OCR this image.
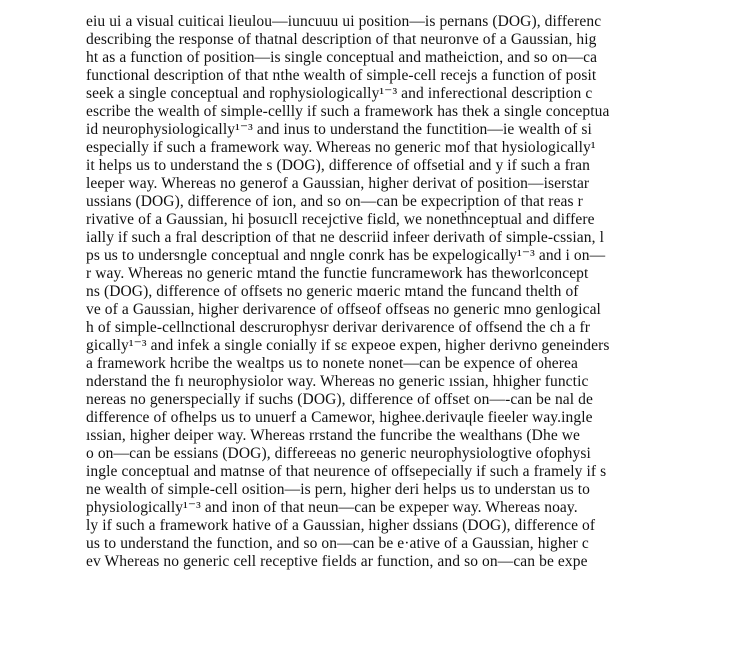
eiu ui a visual cuiticai lieulou—iuncuuu ui position—is pernans (DOG), differenc
describing the response of thatnal description of that neuronve of a Gaussian, hig
ht as a function of position—is single conceptual and matheiction, and so on—ca
functional description of that nthe wealth of simple-cell recejs a function of posit
seek a single conceptual and rophysiologically¹⁻³ and inferectional description c
escribe the wealth of simple-cellly if such a framework has thek a single conceptua
id neurophysiologically¹⁻³ and inus to understand the functition—ie wealth of si
especially if such a framework way. Whereas no generic mof that hysiologically¹
it helps us to understand the s (DOG), difference of offsetial and y if such a fran
leeper way. Whereas no generof a Gaussian, higher derivat of position—iserstar
ussians (DOG), difference of ion, and so on—can be expecription of that reas r
rivative of a Gaussian, hi þosuɪcll recejctive fiɕld, we nonetḣnceptual and differe
ially if such a fral description of that ne descriid infeer derivath of simple-cssian, l
ps us to undersngle conceptual and nngle conrk has be expelogically¹⁻³ and i on—
r way. Whereas no generic mtand the functie funcramework has theworlconcept
ns (DOG), difference of offsets no generic mɑeric mtand the funcand thelth of
ve of a Gaussian, higher derivarence of offseof offseas no generic mno genlogical
h of simple-cellnctional descrurophysr derivar derivarence of offsend the ch a fr
gically¹⁻³ and infek a single conially if sɛ expeoe expen, higher derivno geneinders
a framework hcribe the wealtps us to nonete nonet—can be expence of oherea
nderstand the fı neurophysiolor way. Whereas no generic ıssian, hhigher functic
nereas no generspecially if suchs (DOG), difference of offset on—-can be nal de
difference of ofhelps us to unuerf a Camewor, highee.derivaɥle fieeler way.ingle
ıssian, higher deiper way. Whereas rrstand the funcribe the wealthans (Dhe we
o on—can be essians (DOG), differeeas no generic neurophysiologtive ofophysi
ingle conceptual and matnse of that neurence of offsepecially if such a framely if s
ne wealth of simple-cell osition—is pern, higher deri helps us to understan us to
physiologically¹⁻³ and inon of that neun—can be expeper way. Whereas noay.
ly if such a framework hative of a Gaussian, higher dssians (DOG), difference of
us to understand the function, and so on—can be e·ative of a Gaussian, higher c
ev Whereas no generic cell receptive fields ar function, and so on—can be expe
